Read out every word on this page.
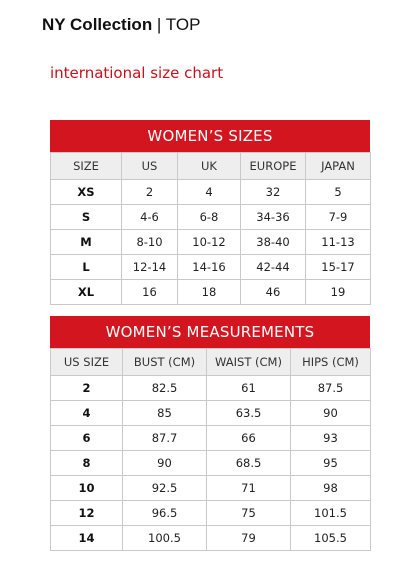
NY Collection | TOP
international size chart
WOMEN’S SIZES
SIZE	US	UK	EUROPE	JAPAN
XS	2	4	32	5
S	4-6	6-8	34-36	7-9
M	8-10	10-12	38-40	11-13
L	12-14	14-16	42-44	15-17
XL	16	18	46	19
WOMEN’S MEASUREMENTS
US SIZE	BUST (CM)	WAIST (CM)	HIPS (CM)
2	82.5	61	87.5
4	85	63.5	90
6	87.7	66	93
8	90	68.5	95
10	92.5	71	98
12	96.5	75	101.5
14	100.5	79	105.5
